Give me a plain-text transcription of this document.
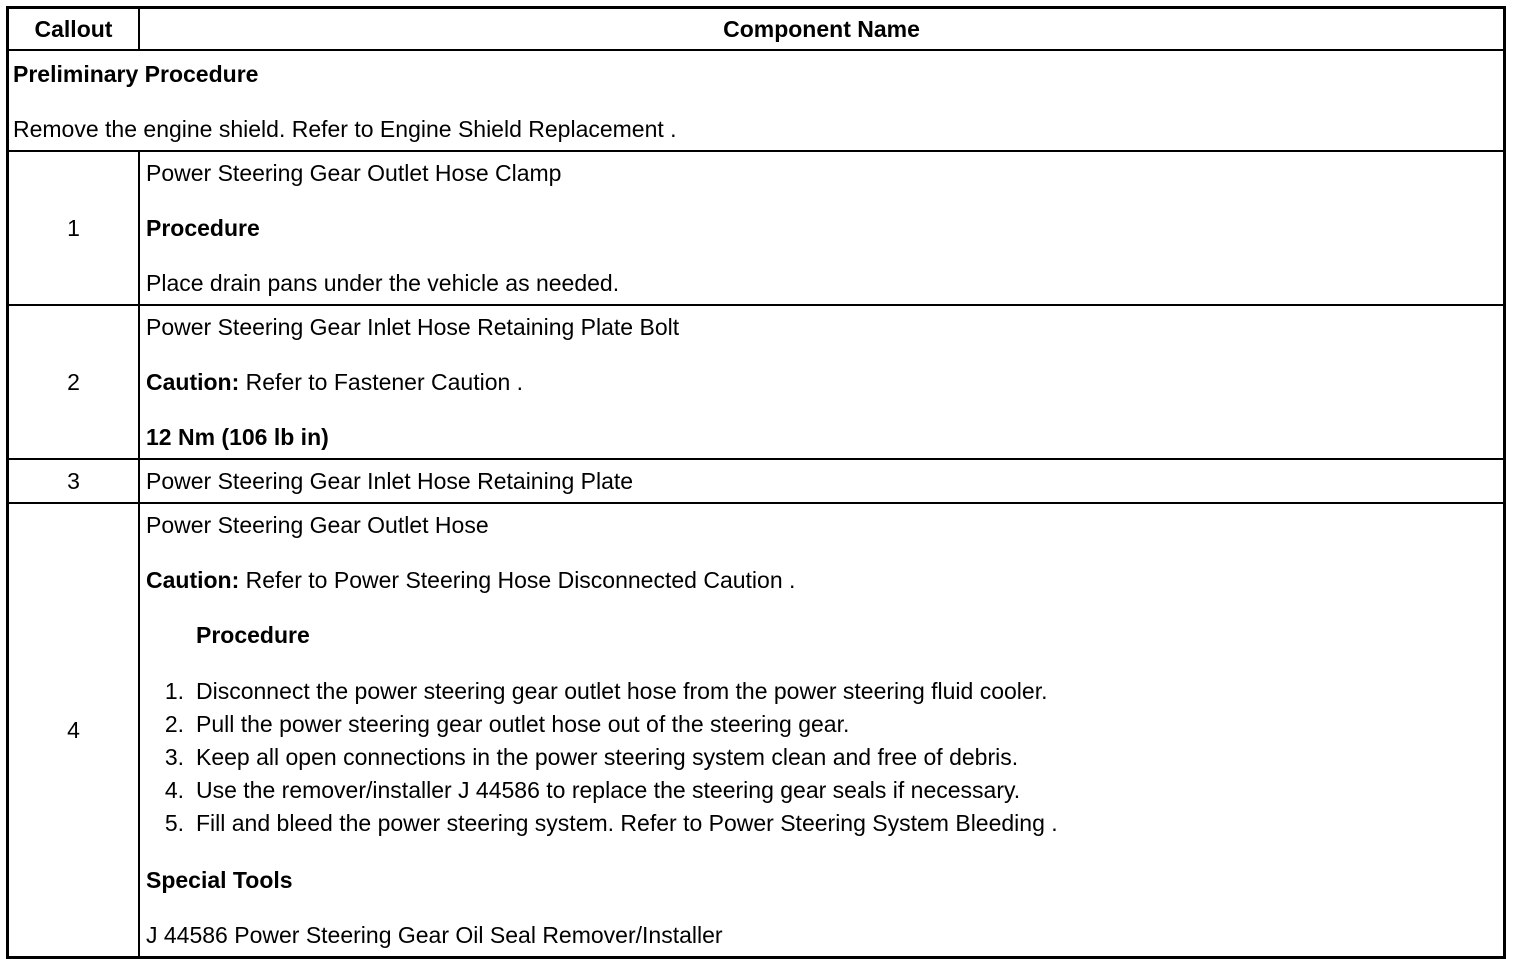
Callout	Component Name
Preliminary Procedure
Remove the engine shield. Refer to Engine Shield Replacement .
1
Power Steering Gear Outlet Hose Clamp
Procedure
Place drain pans under the vehicle as needed.
2
Power Steering Gear Inlet Hose Retaining Plate Bolt
Caution: Refer to Fastener Caution .
12 Nm (106 lb in)
3	Power Steering Gear Inlet Hose Retaining Plate
4
Power Steering Gear Outlet Hose
Caution: Refer to Power Steering Hose Disconnected Caution .
Procedure
1. Disconnect the power steering gear outlet hose from the power steering fluid cooler.
2. Pull the power steering gear outlet hose out of the steering gear.
3. Keep all open connections in the power steering system clean and free of debris.
4. Use the remover/installer J 44586 to replace the steering gear seals if necessary.
5. Fill and bleed the power steering system. Refer to Power Steering System Bleeding .
Special Tools
J 44586 Power Steering Gear Oil Seal Remover/Installer
